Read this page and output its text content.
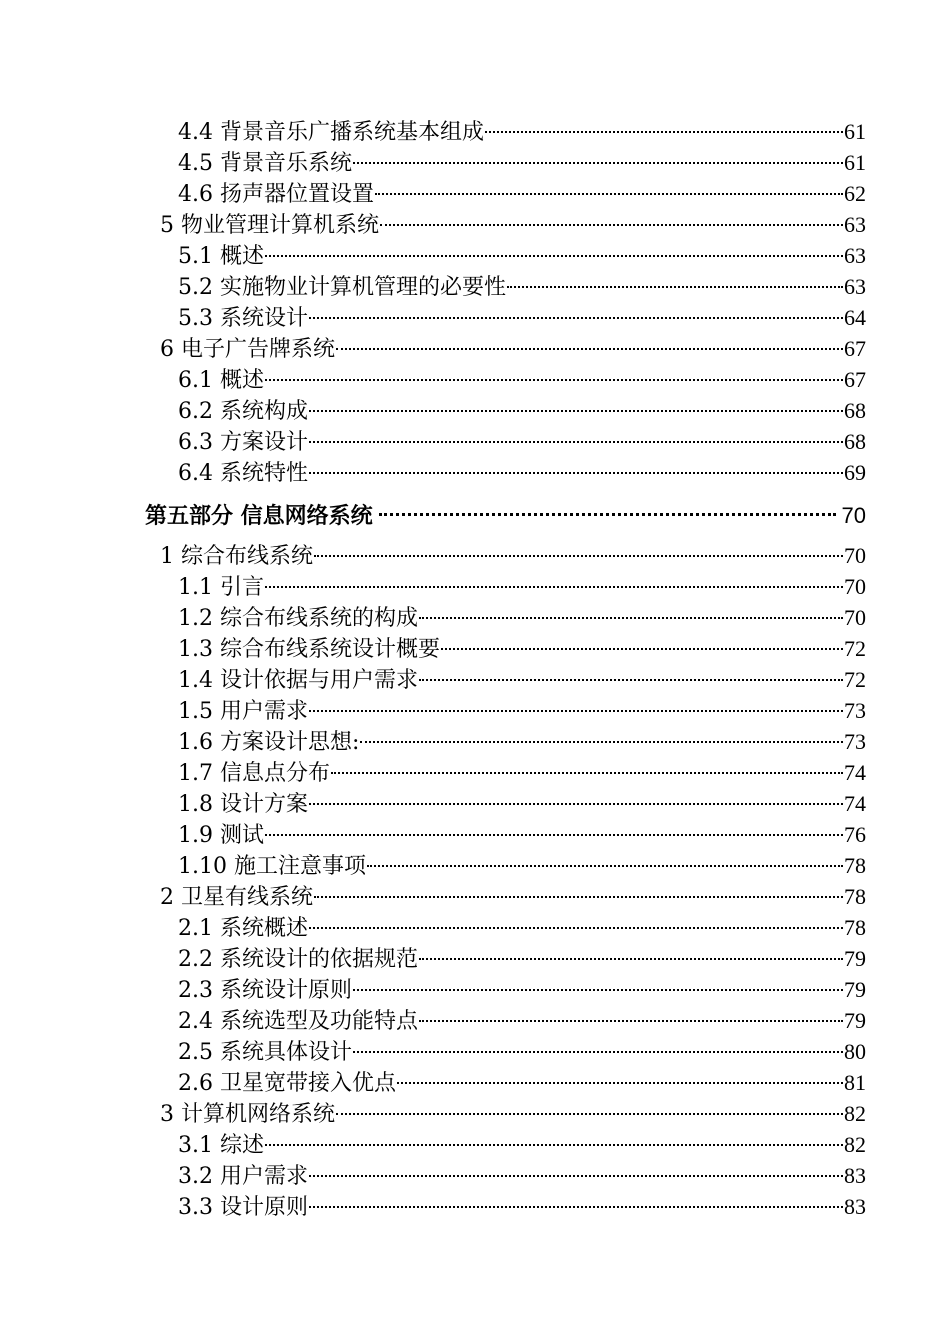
4.4 背景音乐广播系统基本组成	61
4.5 背景音乐系统	61
4.6 扬声器位置设置	62
5 物业管理计算机系统	63
5.1 概述	63
5.2 实施物业计算机管理的必要性	63
5.3 系统设计	64
6 电子广告牌系统	67
6.1 概述	67
6.2 系统构成	68
6.3 方案设计	68
6.4 系统特性	69
第五部分 信息网络系统	70
1 综合布线系统	70
1.1 引言	70
1.2 综合布线系统的构成	70
1.3 综合布线系统设计概要	72
1.4 设计依据与用户需求	72
1.5 用户需求	73
1.6 方案设计思想:	73
1.7 信息点分布	74
1.8 设计方案	74
1.9 测试	76
1.10 施工注意事项	78
2 卫星有线系统	78
2.1 系统概述	78
2.2 系统设计的依据规范	79
2.3 系统设计原则	79
2.4 系统选型及功能特点	79
2.5 系统具体设计	80
2.6 卫星宽带接入优点	81
3 计算机网络系统	82
3.1 综述	82
3.2 用户需求	83
3.3 设计原则	83
